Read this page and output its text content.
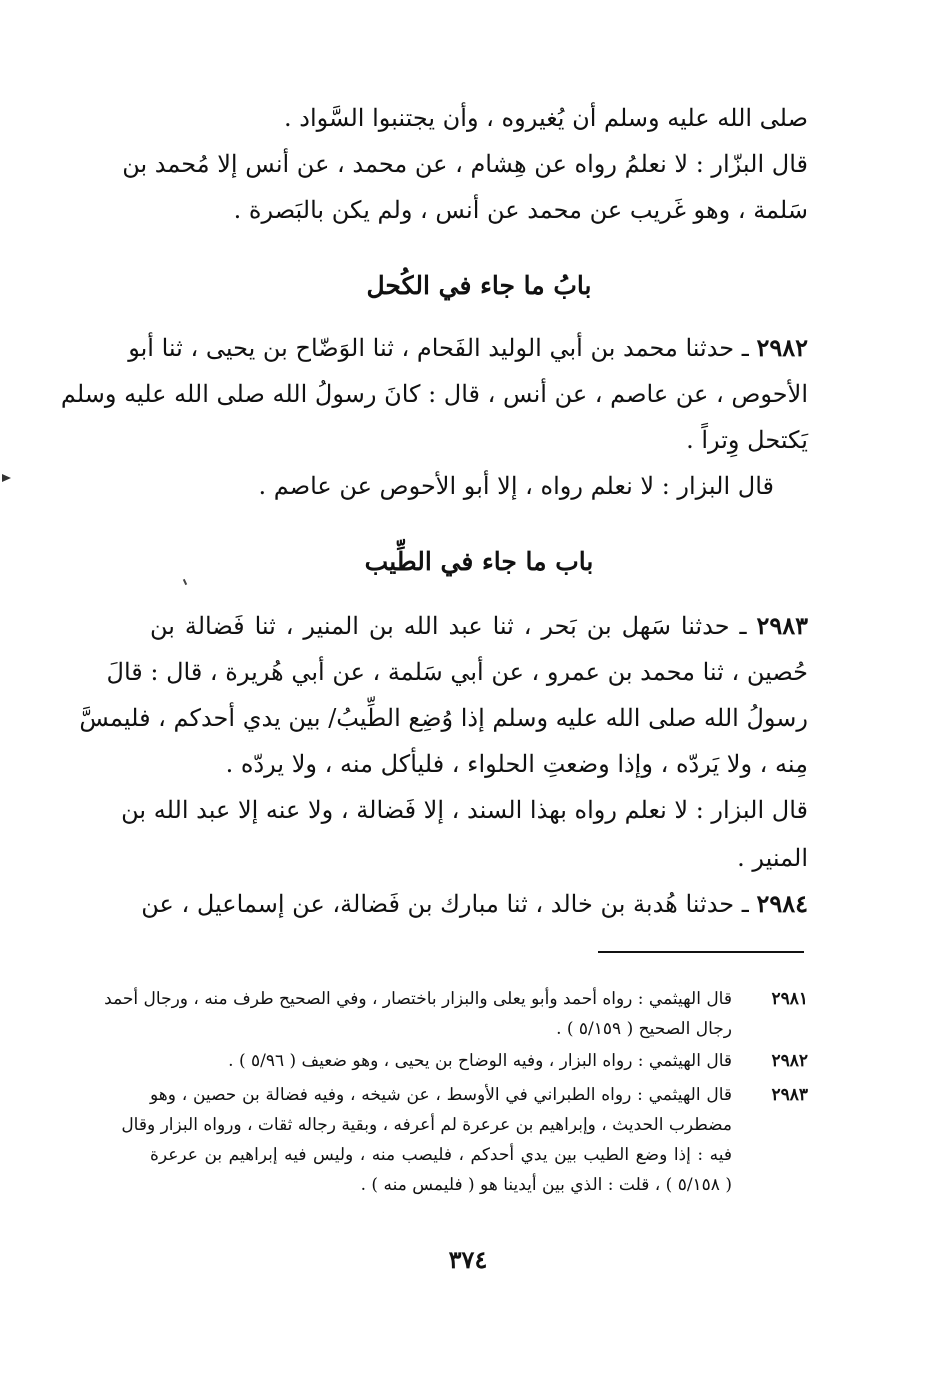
صلى الله عليه وسلم أن يُغيروه ، وأن يجتنبوا السَّواد .
قال البزّار : لا نعلمُ رواه عن هِشام ، عن محمد ، عن أنس إلا مُحمد بن
سَلمة ، وهو غَريب عن محمد عن أنس ، ولم يكن بالبَصرة .
بابُ ما جاء في الكُحل
٢٩٨٢ ـ حدثنا محمد بن أبي الوليد الفَحام ، ثنا الوَضّاح بن يحيى ، ثنا أبو
الأحوص ، عن عاصم ، عن أنس ، قال : كانَ رسولُ الله صلى الله عليه وسلم
يَكتحل وِتراً .
قال البزار : لا نعلم رواه ، إلا أبو الأحوص عن عاصم .
باب ما جاء في الطِّيب
٢٩٨٣ ـ حدثنا سَهل بن بَحر ، ثنا عبد الله بن المنير ، ثنا فَضالة بن
حُصين ، ثنا محمد بن عمرو ، عن أبي سَلمة ، عن أبي هُريرة ، قال : قالَ
رسولُ الله صلى الله عليه وسلم إذا وُضِع الطِّيبُ/ بين يدي أحدكم ، فليمسَّ
مِنه ، ولا يَردّه ، وإذا وضعتِ الحلواء ، فليأكل منه ، ولا يردّه .
قال البزار : لا نعلم رواه بهذا السند ، إلا فَضالة ، ولا عنه إلا عبد الله بن
المنير .
٢٩٨٤ ـ حدثنا هُدبة بن خالد ، ثنا مبارك بن فَضالة، عن إسماعيل ، عن
٢٩٨١
قال الهيثمي : رواه أحمد وأبو يعلى والبزار باختصار ، وفي الصحيح طرف منه ، ورجال أحمد
رجال الصحيح ( ٥/١٥٩ ) .
٢٩٨٢
قال الهيثمي : رواه البزار ، وفيه الوضاح بن يحيى ، وهو ضعيف ( ٥/٩٦ ) .
٢٩٨٣
قال الهيثمي : رواه الطبراني في الأوسط ، عن شيخه ، وفيه فضالة بن حصين ، وهو
مضطرب الحديث ، وإبراهيم بن عرعرة لم أعرفه ، وبقية رجاله ثقات ، ورواه البزار وقال
فيه : إذا وضع الطيب بين يدي أحدكم ، فليصب منه ، وليس فيه إبراهيم بن عرعرة
( ٥/١٥٨ ) ، قلت : الذي بين أيدينا هو ( فليمس منه ) .
٣٧٤
